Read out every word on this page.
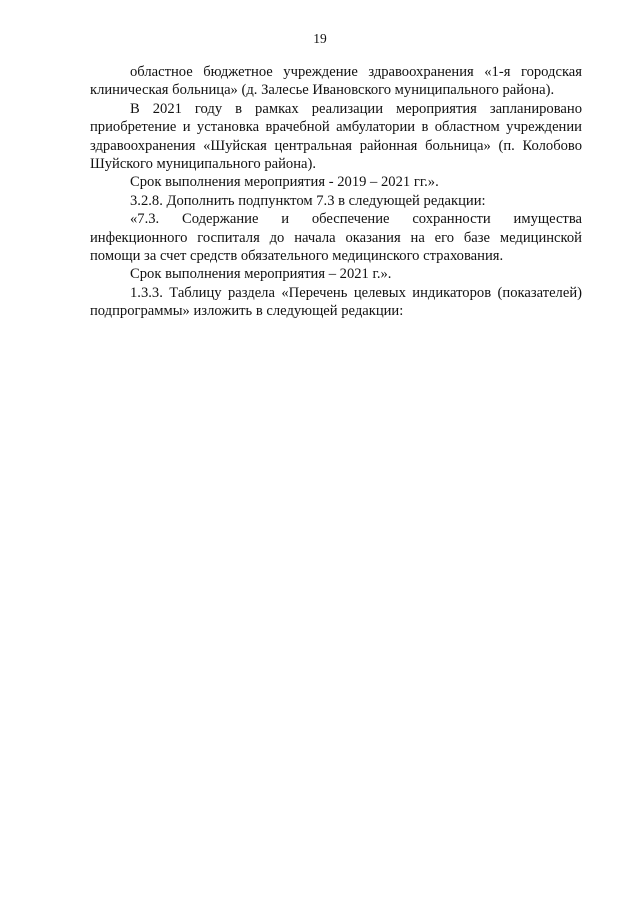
19

областное бюджетное учреждение здравоохранения «1-я городская клиническая больница» (д. Залесье Ивановского муниципального района).

В 2021 году в рамках реализации мероприятия запланировано приобретение и установка врачебной амбулатории в областном учреждении здравоохранения «Шуйская центральная районная больница» (п. Колобово Шуйского муниципального района).

Срок выполнения мероприятия - 2019 – 2021 гг.».

3.2.8. Дополнить подпунктом 7.3 в следующей редакции:

«7.3. Содержание и обеспечение сохранности имущества инфекционного госпиталя до начала оказания на его базе медицинской помощи за счет средств обязательного медицинского страхования.

Срок выполнения мероприятия – 2021 г.».

1.3.3. Таблицу раздела «Перечень целевых индикаторов (показателей) подпрограммы» изложить в следующей редакции:
